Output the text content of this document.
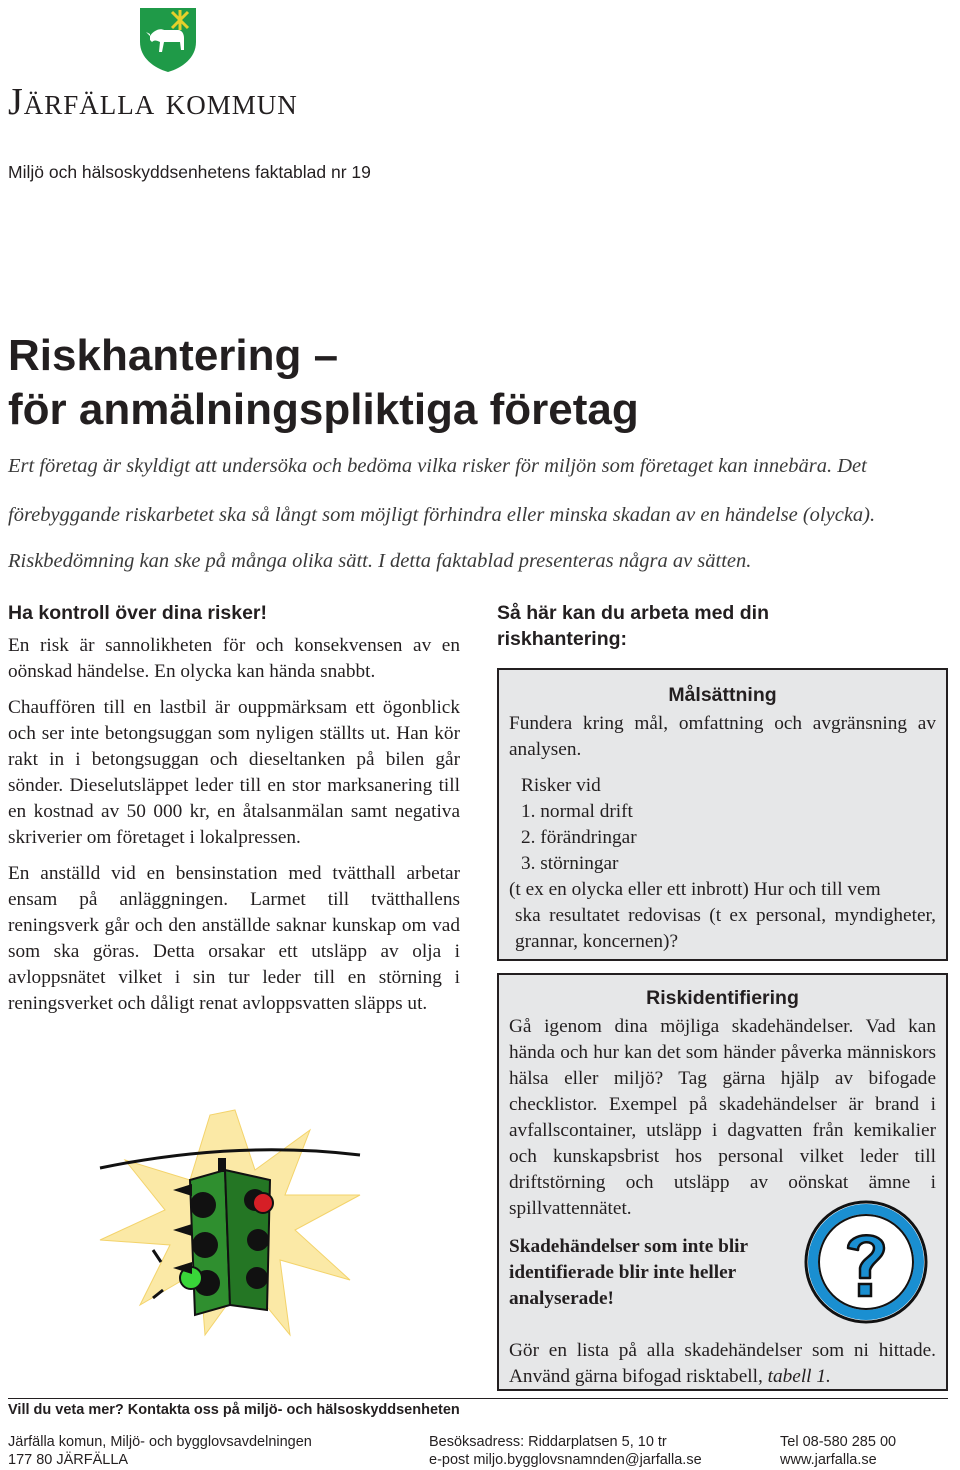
Järfälla kommun
Miljö och hälsoskyddsenhetens faktablad nr 19
Riskhantering –
för anmälningspliktiga företag
Ert företag är skyldigt att undersöka och bedöma vilka risker för miljön som företaget kan innebära. Det
förebyggande riskarbetet ska så långt som möjligt förhindra eller minska skadan av en händelse (olycka).
Riskbedömning kan ske på många olika sätt. I detta faktablad presenteras några av sätten.
Ha kontroll över dina risker!

En risk är sannolikheten för och konsekvensen av en oönskad händelse. En olycka kan hända snabbt.

Chauffören till en lastbil är ouppmärksam ett ögonblick och ser inte betongsuggan som nyligen ställts ut. Han kör rakt in i betongsuggan och dieseltanken på bilen går sönder. Dieselutsläppet leder till en stor marksanering till en kostnad av 50 000 kr, en åtalsanmälan samt negativa skriverier om företaget i lokalpressen.

En anställd vid en bensinstation med tvätthall arbetar ensam på anläggningen. Larmet till tvätthallens reningsverk går och den anställde saknar kunskap om vad som ska göras. Detta orsakar ett utsläpp av olja i avloppsnätet vilket i sin tur leder till en störning i reningsverket och dåligt renat avloppsvatten släpps ut.

Så här kan du arbeta med din riskhantering:
Målsättning

Fundera kring mål, omfattning och avgränsning av analysen.

Risker vid
1. normal drift
2. förändringar
3. störningar

(t ex en olycka eller ett inbrott) Hur och till vem
ska resultatet redovisas (t ex personal, myndigheter, grannar, koncernen)?

Riskidentifiering

Gå igenom dina möjliga skadehändelser. Vad kan hända och hur kan det som händer påverka människors hälsa eller miljö? Tag gärna hjälp av bifogade checklistor. Exempel på skadehändelser är brand i avfallscontainer, utsläpp i dagvatten från kemikalier och kunskapsbrist hos personal vilket leder till driftstörning och utsläpp av oönskat ämne i spillvattennätet.

Skadehändelser som inte blir identifierade blir inte heller analyserade!

Gör en lista på alla skadehändelser som ni hittade. Använd gärna bifogad risktabell, tabell 1.

Vill du veta mer? Kontakta oss på miljö- och hälsoskyddsenheten
Järfälla komun, Miljö- och bygglovsavdelningen
177 80 JÄRFÄLLA
Besöksadress: Riddarplatsen 5, 10 tr
e-post miljo.bygglovsnamnden@jarfalla.se
Tel 08-580 285 00
www.jarfalla.se
